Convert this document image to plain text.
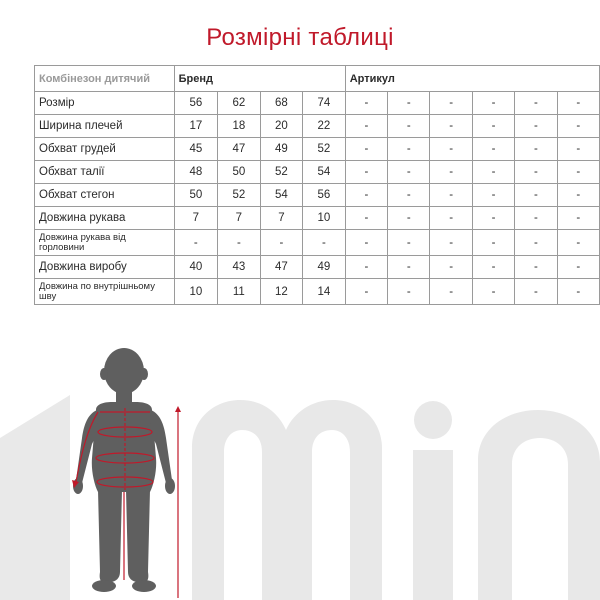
Розмірні таблиці
Комбінезон дитячий	Бренд				Артикул					
Розмір	56	62	68	74	-	-	-	-	-	-
Ширина плечей	17	18	20	22	-	-	-	-	-	-
Обхват грудей	45	47	49	52	-	-	-	-	-	-
Обхват талії	48	50	52	54	-	-	-	-	-	-
Обхват стегон	50	52	54	56	-	-	-	-	-	-
Довжина рукава	7	7	7	10	-	-	-	-	-	-
Довжина рукава від горловини	-	-	-	-	-	-	-	-	-	-
Довжина виробу	40	43	47	49	-	-	-	-	-	-
Довжина по внутрішньому шву	10	11	12	14	-	-	-	-	-	-
